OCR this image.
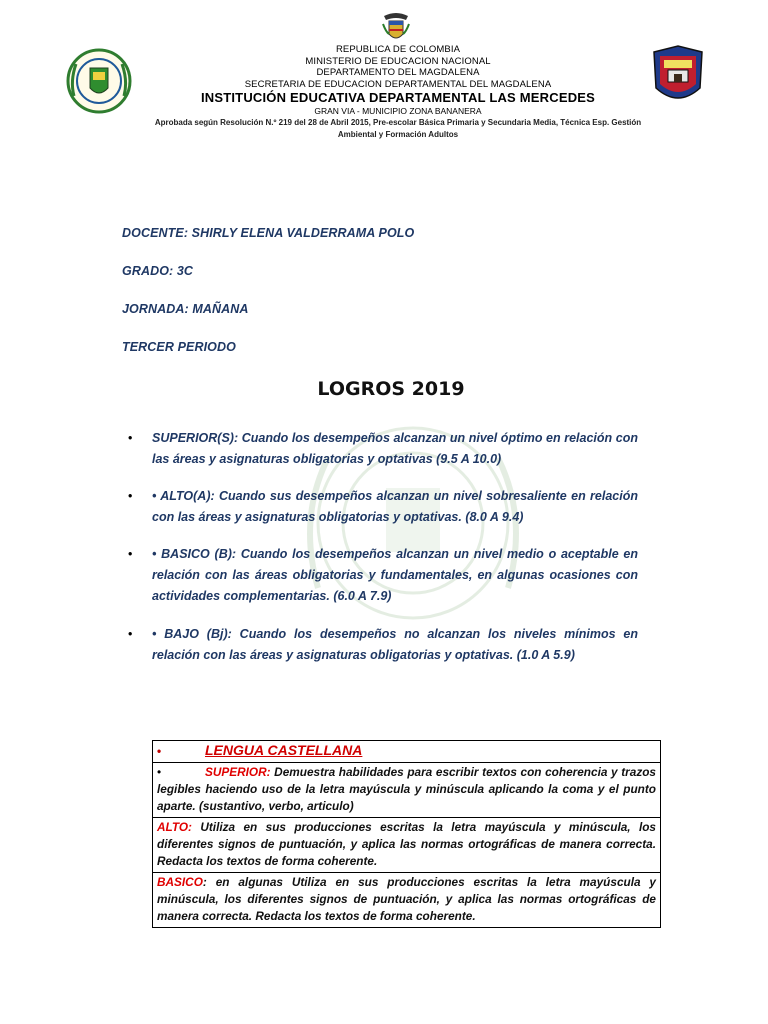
REPUBLICA DE COLOMBIA
MINISTERIO DE EDUCACION NACIONAL
DEPARTAMENTO DEL MAGDALENA
SECRETARIA DE EDUCACION DEPARTAMENTAL DEL MAGDALENA
INSTITUCIÓN EDUCATIVA DEPARTAMENTAL LAS MERCEDES
GRAN VIA - MUNICIPIO ZONA BANANERA
Aprobada según Resolución N.º 219 del 28 de Abril 2015, Pre-escolar Básica Primaria y Secundaria Media, Técnica Esp. Gestión
Ambiental y Formación Adultos
DOCENTE: SHIRLY ELENA VALDERRAMA POLO
GRADO: 3C
JORNADA: MAÑANA
TERCER PERIODO
LOGROS 2019
• SUPERIOR(S): Cuando los desempeños alcanzan un nivel óptimo en relación con las áreas y asignaturas obligatorias y optativas (9.5 A 10.0)
• • ALTO(A): Cuando sus desempeños alcanzan un nivel sobresaliente en relación con las áreas y asignaturas obligatorias y optativas. (8.0 A 9.4)
• • BASICO (B): Cuando los desempeños alcanzan un nivel medio o aceptable en relación con las áreas obligatorias y fundamentales, en algunas ocasiones con actividades complementarias. (6.0 A 7.9)
• • BAJO (Bj): Cuando los desempeños no alcanzan los niveles mínimos en relación con las áreas y asignaturas obligatorias y optativas. (1.0 A 5.9)
•	LENGUA CASTELLANA
•	SUPERIOR: Demuestra habilidades para escribir textos con coherencia y trazos legibles haciendo uso de la letra mayúscula y minúscula aplicando la coma y el punto aparte. (sustantivo, verbo, articulo)
ALTO: Utiliza en sus producciones escritas la letra mayúscula y minúscula, los diferentes signos de puntuación, y aplica las normas ortográficas de manera correcta. Redacta los textos de forma coherente.
BASICO: en algunas Utiliza en sus producciones escritas la letra mayúscula y minúscula, los diferentes signos de puntuación, y aplica las normas ortográficas de manera correcta. Redacta los textos de forma coherente.
